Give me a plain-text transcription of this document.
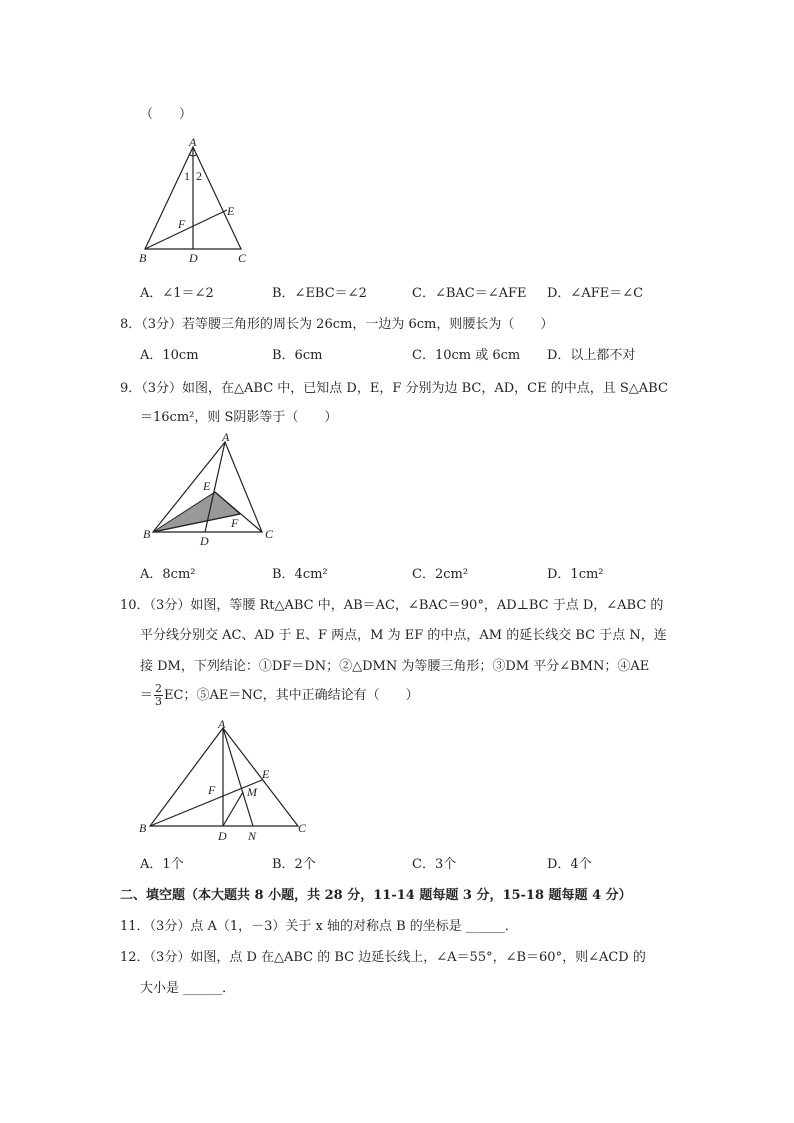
（　　）
A
1 2
E
F
B	D	C
A．∠1＝∠2	B．∠EBC＝∠2	C．∠BAC＝∠AFE D．∠AFE＝∠C
8．（3分）若等腰三角形的周长为 26cm，一边为 6cm，则腰长为（　　）
A．10cm	B．6cm	C．10cm 或 6cm D．以上都不对
9．（3分）如图，在△ABC 中，已知点 D，E，F 分别为边 BC，AD，CE 的中点，且 S△ABC
＝16cm²，则 S阴影等于（　　）
A
E
F
B	D	C
A．8cm²	B．4cm²	C．2cm²	D．1cm²
10．（3分）如图，等腰 Rt△ABC 中，AB＝AC，∠BAC＝90°，AD⊥BC 于点 D，∠ABC 的
平分线分别交 AC、AD 于 E、F 两点，M 为 EF 的中点，AM 的延长线交 BC 于点 N，连
接 DM，下列结论：①DF＝DN；②△DMN 为等腰三角形；③DM 平分∠BMN；④AE
＝ $\frac{2}{3}$ EC；⑤AE＝NC，其中正确结论有（　　）
A
E
F	M
B
D N
C
A．1个	B．2个	C．3个	D．4个
二、填空题（本大题共 8 小题，共 28 分，11-14 题每题 3 分，15-18 题每题 4 分）
11．（3分）点 A（1，－3）关于 x 轴的对称点 B 的坐标是 ______．
12．（3分）如图，点 D 在△ABC 的 BC 边延长线上，∠A＝55°，∠B＝60°，则∠ACD 的
大小是 ______．
